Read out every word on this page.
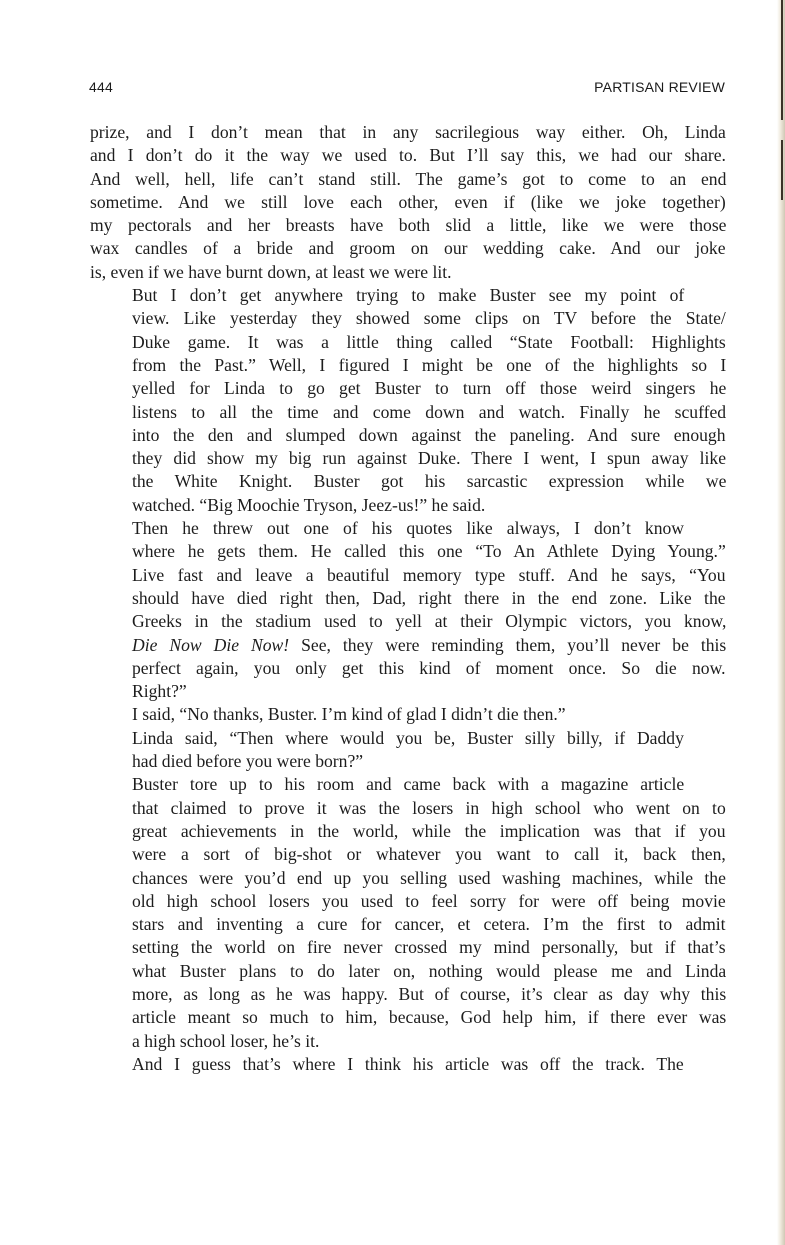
444	PARTISAN REVIEW

prize, and I don’t mean that in any sacrilegious way either. Oh, Linda
and I don’t do it the way we used to. But I’ll say this, we had our share.
And well, hell, life can’t stand still. The game’s got to come to an end
sometime. And we still love each other, even if (like we joke together)
my pectorals and her breasts have both slid a little, like we were those
wax candles of a bride and groom on our wedding cake. And our joke
is, even if we have burnt down, at least we were lit.

But I don’t get anywhere trying to make Buster see my point of
view. Like yesterday they showed some clips on TV before the State/
Duke game. It was a little thing called “State Football: Highlights
from the Past.” Well, I figured I might be one of the highlights so I
yelled for Linda to go get Buster to turn off those weird singers he
listens to all the time and come down and watch. Finally he scuffed
into the den and slumped down against the paneling. And sure enough
they did show my big run against Duke. There I went, I spun away like
the White Knight. Buster got his sarcastic expression while we
watched. “Big Moochie Tryson, Jeez-us!” he said.

Then he threw out one of his quotes like always, I don’t know
where he gets them. He called this one “To An Athlete Dying Young.”
Live fast and leave a beautiful memory type stuff. And he says, “You
should have died right then, Dad, right there in the end zone. Like the
Greeks in the stadium used to yell at their Olympic victors, you know,
Die Now Die Now! See, they were reminding them, you’ll never be this
perfect again, you only get this kind of moment once. So die now.
Right?”

I said, “No thanks, Buster. I’m kind of glad I didn’t die then.”

Linda said, “Then where would you be, Buster silly billy, if Daddy
had died before you were born?”

Buster tore up to his room and came back with a magazine article
that claimed to prove it was the losers in high school who went on to
great achievements in the world, while the implication was that if you
were a sort of big-shot or whatever you want to call it, back then,
chances were you’d end up you selling used washing machines, while the
old high school losers you used to feel sorry for were off being movie
stars and inventing a cure for cancer, et cetera. I’m the first to admit
setting the world on fire never crossed my mind personally, but if that’s
what Buster plans to do later on, nothing would please me and Linda
more, as long as he was happy. But of course, it’s clear as day why this
article meant so much to him, because, God help him, if there ever was
a high school loser, he’s it.

And I guess that’s where I think his article was off the track. The
